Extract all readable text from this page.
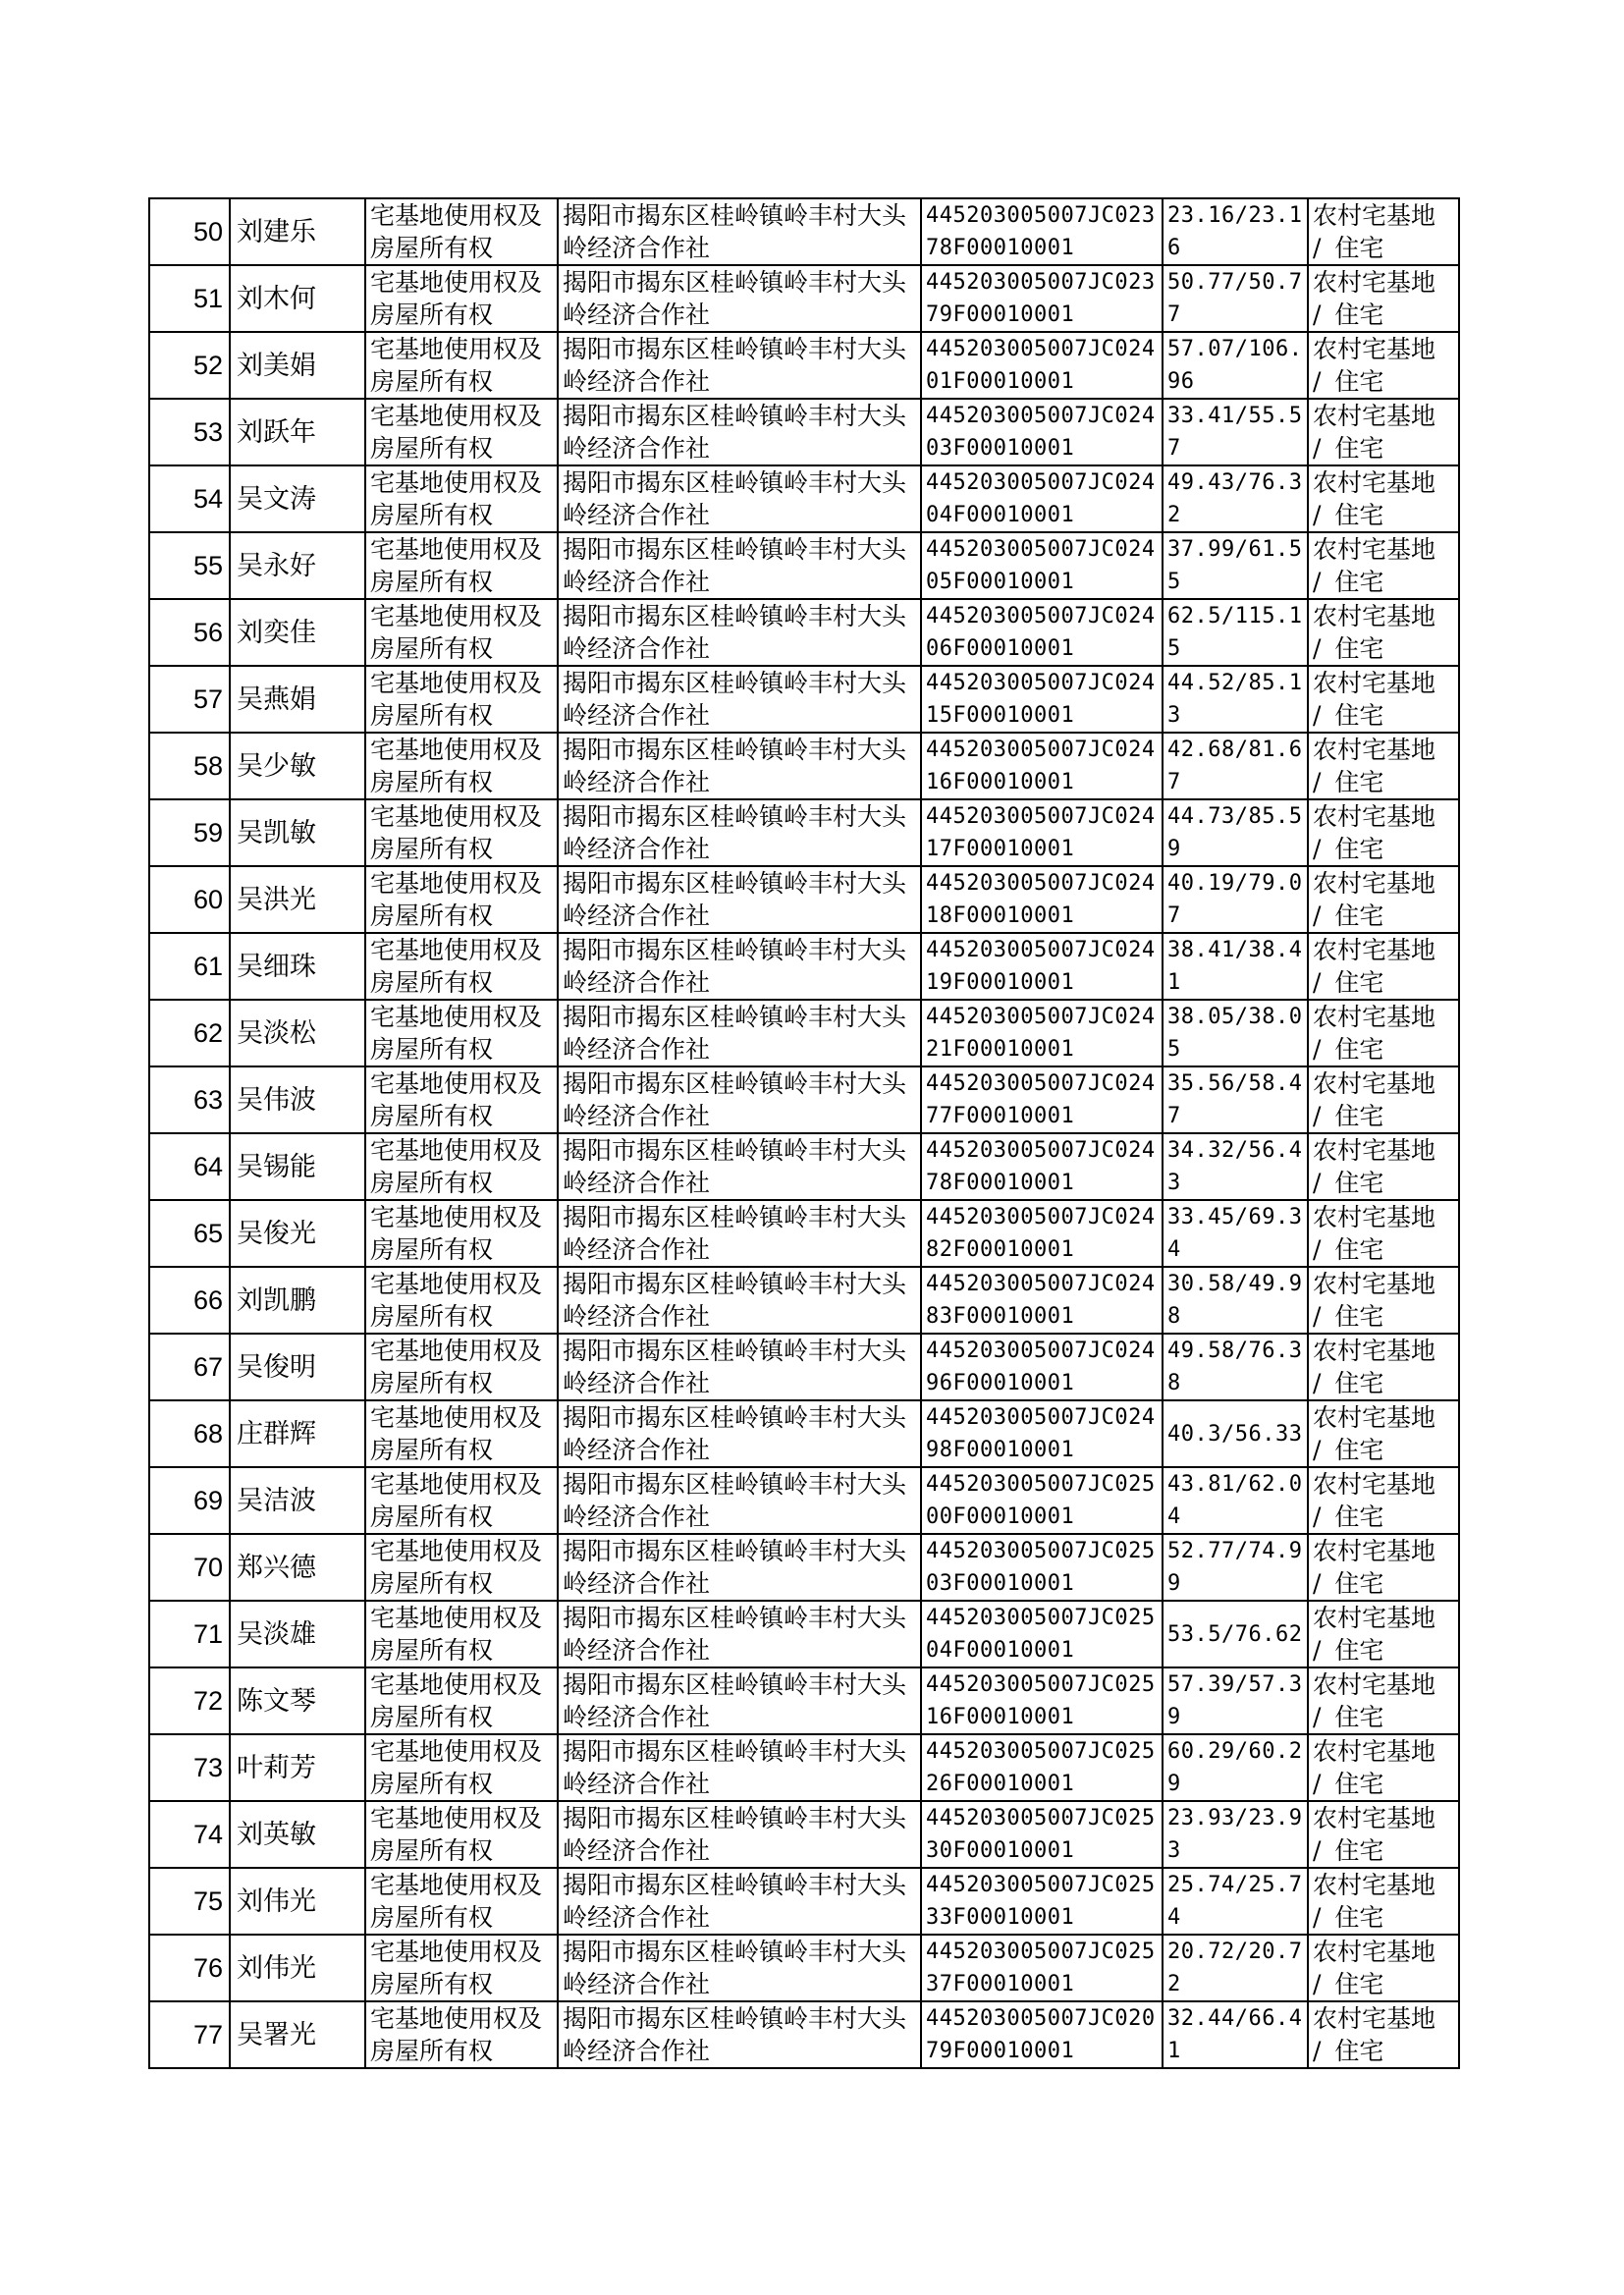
50	刘建乐	宅基地使用权及房屋所有权	揭阳市揭东区桂岭镇岭丰村大头岭经济合作社	445203005007JC02378F00010001	23.16/23.16	农村宅基地 / 住宅
51	刘木何	宅基地使用权及房屋所有权	揭阳市揭东区桂岭镇岭丰村大头岭经济合作社	445203005007JC02379F00010001	50.77/50.77	农村宅基地 / 住宅
52	刘美娟	宅基地使用权及房屋所有权	揭阳市揭东区桂岭镇岭丰村大头岭经济合作社	445203005007JC02401F00010001	57.07/106.96	农村宅基地 / 住宅
53	刘跃年	宅基地使用权及房屋所有权	揭阳市揭东区桂岭镇岭丰村大头岭经济合作社	445203005007JC02403F00010001	33.41/55.57	农村宅基地 / 住宅
54	吴文涛	宅基地使用权及房屋所有权	揭阳市揭东区桂岭镇岭丰村大头岭经济合作社	445203005007JC02404F00010001	49.43/76.32	农村宅基地 / 住宅
55	吴永好	宅基地使用权及房屋所有权	揭阳市揭东区桂岭镇岭丰村大头岭经济合作社	445203005007JC02405F00010001	37.99/61.55	农村宅基地 / 住宅
56	刘奕佳	宅基地使用权及房屋所有权	揭阳市揭东区桂岭镇岭丰村大头岭经济合作社	445203005007JC02406F00010001	62.5/115.15	农村宅基地 / 住宅
57	吴燕娟	宅基地使用权及房屋所有权	揭阳市揭东区桂岭镇岭丰村大头岭经济合作社	445203005007JC02415F00010001	44.52/85.13	农村宅基地 / 住宅
58	吴少敏	宅基地使用权及房屋所有权	揭阳市揭东区桂岭镇岭丰村大头岭经济合作社	445203005007JC02416F00010001	42.68/81.67	农村宅基地 / 住宅
59	吴凯敏	宅基地使用权及房屋所有权	揭阳市揭东区桂岭镇岭丰村大头岭经济合作社	445203005007JC02417F00010001	44.73/85.59	农村宅基地 / 住宅
60	吴洪光	宅基地使用权及房屋所有权	揭阳市揭东区桂岭镇岭丰村大头岭经济合作社	445203005007JC02418F00010001	40.19/79.07	农村宅基地 / 住宅
61	吴细珠	宅基地使用权及房屋所有权	揭阳市揭东区桂岭镇岭丰村大头岭经济合作社	445203005007JC02419F00010001	38.41/38.41	农村宅基地 / 住宅
62	吴淡松	宅基地使用权及房屋所有权	揭阳市揭东区桂岭镇岭丰村大头岭经济合作社	445203005007JC02421F00010001	38.05/38.05	农村宅基地 / 住宅
63	吴伟波	宅基地使用权及房屋所有权	揭阳市揭东区桂岭镇岭丰村大头岭经济合作社	445203005007JC02477F00010001	35.56/58.47	农村宅基地 / 住宅
64	吴锡能	宅基地使用权及房屋所有权	揭阳市揭东区桂岭镇岭丰村大头岭经济合作社	445203005007JC02478F00010001	34.32/56.43	农村宅基地 / 住宅
65	吴俊光	宅基地使用权及房屋所有权	揭阳市揭东区桂岭镇岭丰村大头岭经济合作社	445203005007JC02482F00010001	33.45/69.34	农村宅基地 / 住宅
66	刘凯鹏	宅基地使用权及房屋所有权	揭阳市揭东区桂岭镇岭丰村大头岭经济合作社	445203005007JC02483F00010001	30.58/49.98	农村宅基地 / 住宅
67	吴俊明	宅基地使用权及房屋所有权	揭阳市揭东区桂岭镇岭丰村大头岭经济合作社	445203005007JC02496F00010001	49.58/76.38	农村宅基地 / 住宅
68	庄群辉	宅基地使用权及房屋所有权	揭阳市揭东区桂岭镇岭丰村大头岭经济合作社	445203005007JC02498F00010001	40.3/56.33	农村宅基地 / 住宅
69	吴洁波	宅基地使用权及房屋所有权	揭阳市揭东区桂岭镇岭丰村大头岭经济合作社	445203005007JC02500F00010001	43.81/62.04	农村宅基地 / 住宅
70	郑兴德	宅基地使用权及房屋所有权	揭阳市揭东区桂岭镇岭丰村大头岭经济合作社	445203005007JC02503F00010001	52.77/74.99	农村宅基地 / 住宅
71	吴淡雄	宅基地使用权及房屋所有权	揭阳市揭东区桂岭镇岭丰村大头岭经济合作社	445203005007JC02504F00010001	53.5/76.62	农村宅基地 / 住宅
72	陈文琴	宅基地使用权及房屋所有权	揭阳市揭东区桂岭镇岭丰村大头岭经济合作社	445203005007JC02516F00010001	57.39/57.39	农村宅基地 / 住宅
73	叶莉芳	宅基地使用权及房屋所有权	揭阳市揭东区桂岭镇岭丰村大头岭经济合作社	445203005007JC02526F00010001	60.29/60.29	农村宅基地 / 住宅
74	刘英敏	宅基地使用权及房屋所有权	揭阳市揭东区桂岭镇岭丰村大头岭经济合作社	445203005007JC02530F00010001	23.93/23.93	农村宅基地 / 住宅
75	刘伟光	宅基地使用权及房屋所有权	揭阳市揭东区桂岭镇岭丰村大头岭经济合作社	445203005007JC02533F00010001	25.74/25.74	农村宅基地 / 住宅
76	刘伟光	宅基地使用权及房屋所有权	揭阳市揭东区桂岭镇岭丰村大头岭经济合作社	445203005007JC02537F00010001	20.72/20.72	农村宅基地 / 住宅
77	吴署光	宅基地使用权及房屋所有权	揭阳市揭东区桂岭镇岭丰村大头岭经济合作社	445203005007JC02079F00010001	32.44/66.41	农村宅基地 / 住宅
